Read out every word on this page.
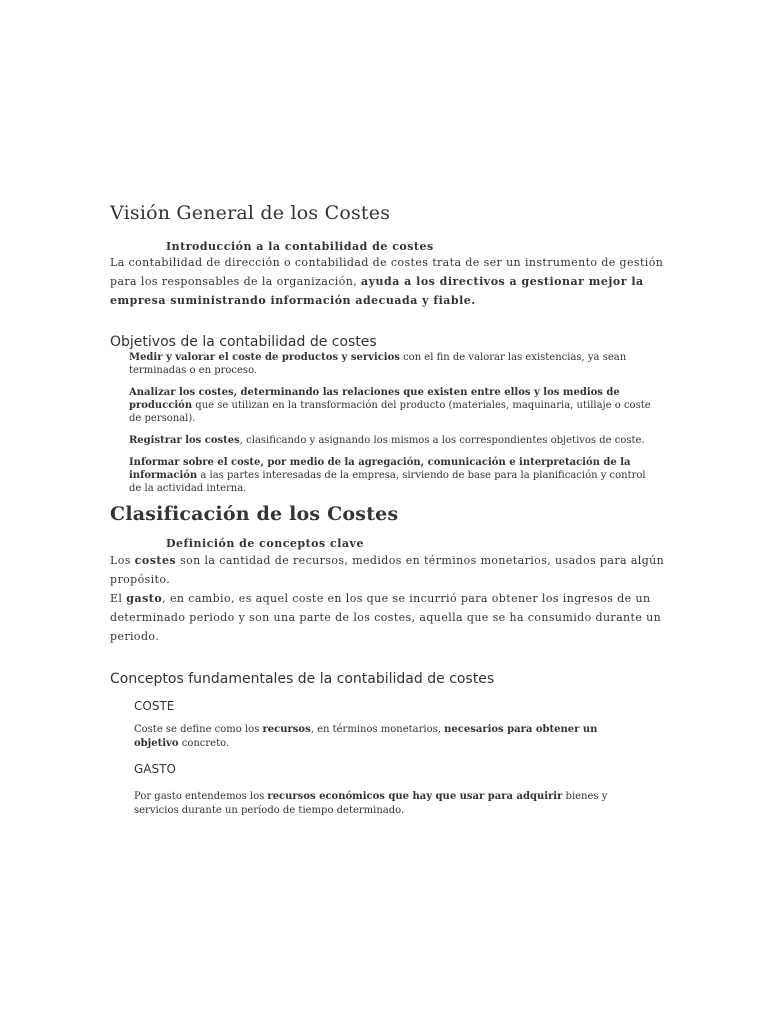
Visión General de los Costes

Introducción a la contabilidad de costes

La contabilidad de dirección o contabilidad de costes trata de ser un instrumento de gestión para los responsables de la organización, ayuda a los directivos a gestionar mejor la empresa suministrando información adecuada y fiable.

Objetivos de la contabilidad de costes

Medir y valorar el coste de productos y servicios con el fin de valorar las existencias, ya sean terminadas o en proceso.

Analizar los costes, determinando las relaciones que existen entre ellos y los medios de producción que se utilizan en la transformación del producto (materiales, maquinaria, utillaje o coste de personal).

Registrar los costes, clasificando y asignando los mismos a los correspondientes objetivos de coste.

Informar sobre el coste, por medio de la agregación, comunicación e interpretación de la información a las partes interesadas de la empresa, sirviendo de base para la planificación y control de la actividad interna.

Clasificación de los Costes

Definición de conceptos clave

Los costes son la cantidad de recursos, medidos en términos monetarios, usados para algún propósito.

El gasto, en cambio, es aquel coste en los que se incurrió para obtener los ingresos de un determinado periodo y son una parte de los costes, aquella que se ha consumido durante un periodo.

Conceptos fundamentales de la contabilidad de costes

COSTE

Coste se define como los recursos, en términos monetarios, necesarios para obtener un objetivo concreto.

GASTO

Por gasto entendemos los recursos económicos que hay que usar para adquirir bienes y servicios durante un período de tiempo determinado.
